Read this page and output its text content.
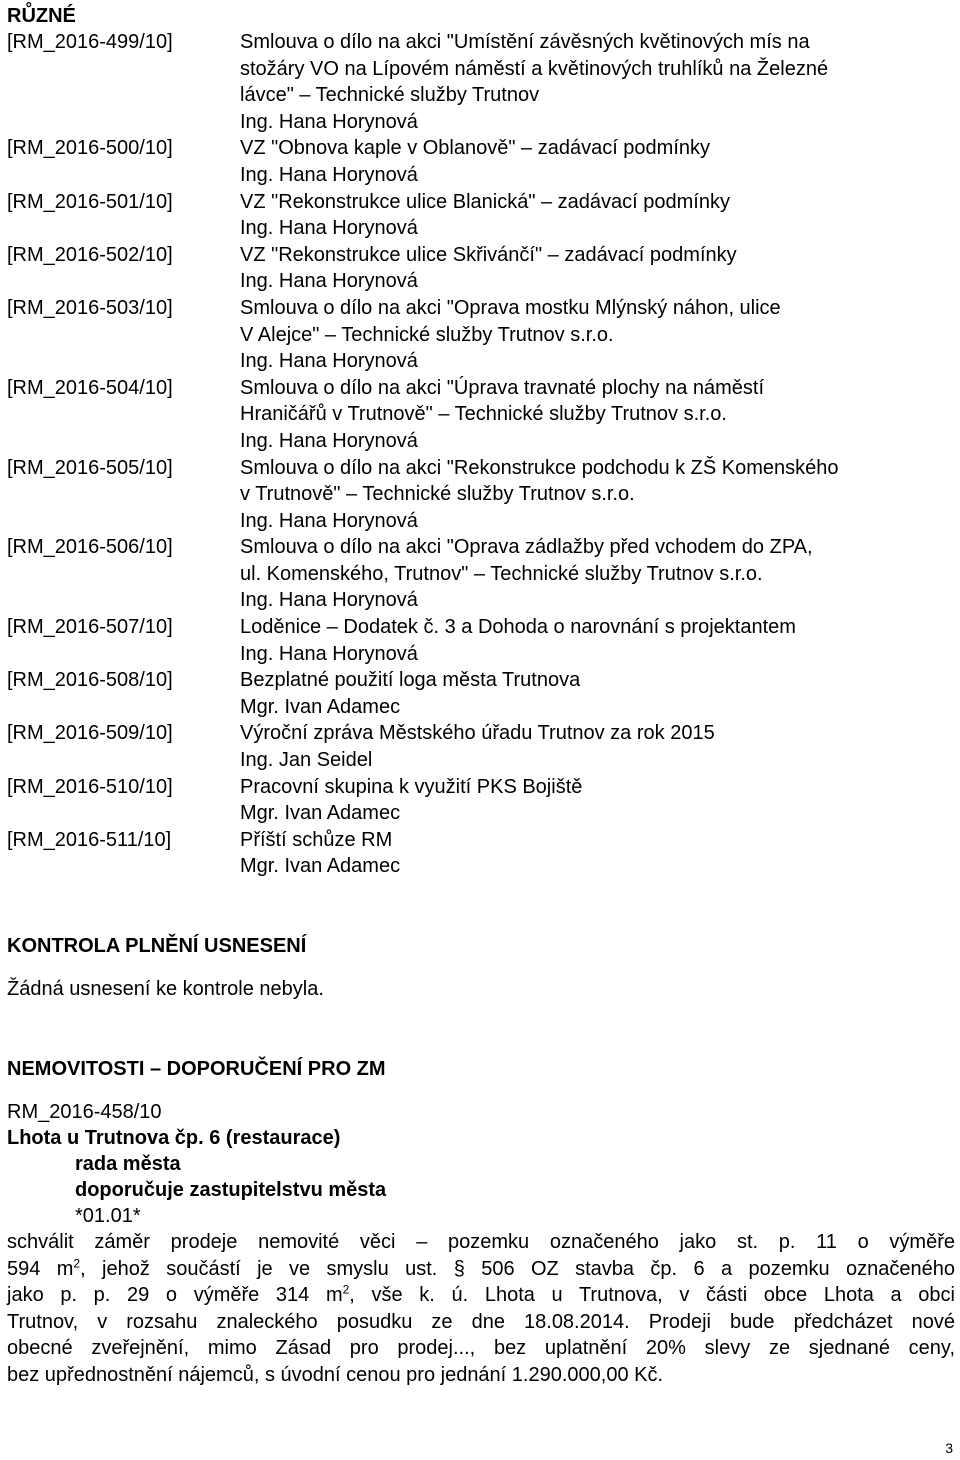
RŮZNÉ
[RM_2016-499/10]	Smlouva o dílo na akci "Umístění závěsných květinových mís na
stožáry VO na Lípovém náměstí a květinových truhlíků na Železné
lávce" – Technické služby Trutnov
Ing. Hana Horynová
[RM_2016-500/10]	VZ "Obnova kaple v Oblanově" – zadávací podmínky
Ing. Hana Horynová
[RM_2016-501/10]	VZ "Rekonstrukce ulice Blanická" – zadávací podmínky
Ing. Hana Horynová
[RM_2016-502/10]	VZ "Rekonstrukce ulice Skřivánčí" – zadávací podmínky
Ing. Hana Horynová
[RM_2016-503/10]	Smlouva o dílo na akci "Oprava mostku Mlýnský náhon, ulice
V Alejce" – Technické služby Trutnov s.r.o.
Ing. Hana Horynová
[RM_2016-504/10]	Smlouva o dílo na akci "Úprava travnaté plochy na náměstí
Hraničářů v Trutnově" – Technické služby Trutnov s.r.o.
Ing. Hana Horynová
[RM_2016-505/10]	Smlouva o dílo na akci "Rekonstrukce podchodu k ZŠ Komenského
v Trutnově" – Technické služby Trutnov s.r.o.
Ing. Hana Horynová
[RM_2016-506/10]	Smlouva o dílo na akci "Oprava zádlažby před vchodem do ZPA,
ul. Komenského, Trutnov" – Technické služby Trutnov s.r.o.
Ing. Hana Horynová
[RM_2016-507/10]	Loděnice – Dodatek č. 3 a Dohoda o narovnání s projektantem
Ing. Hana Horynová
[RM_2016-508/10]	Bezplatné použití loga města Trutnova
Mgr. Ivan Adamec
[RM_2016-509/10]	Výroční zpráva Městského úřadu Trutnov za rok 2015
Ing. Jan Seidel
[RM_2016-510/10]	Pracovní skupina k využití PKS Bojiště
Mgr. Ivan Adamec
[RM_2016-511/10]	Příští schůze RM
Mgr. Ivan Adamec
KONTROLA PLNĚNÍ USNESENÍ
Žádná usnesení ke kontrole nebyla.
NEMOVITOSTI – DOPORUČENÍ PRO ZM
RM_2016-458/10
Lhota u Trutnova čp. 6 (restaurace)
rada města
doporučuje zastupitelstvu města
*01.01*
schválit záměr prodeje nemovité věci – pozemku označeného jako st. p. 11 o výměře
594 $m^2$, jehož součástí je ve smyslu ust. § 506 OZ stavba čp. 6 a pozemku označeného
jako p. p. 29 o výměře 314 $m^2$, vše k. ú. Lhota u Trutnova, v části obce Lhota a obci
Trutnov, v rozsahu znaleckého posudku ze dne 18.08.2014. Prodeji bude předcházet nové
obecné zveřejnění, mimo Zásad pro prodej..., bez uplatnění 20% slevy ze sjednané ceny,
bez upřednostnění nájemců, s úvodní cenou pro jednání 1.290.000,00 Kč.
3
